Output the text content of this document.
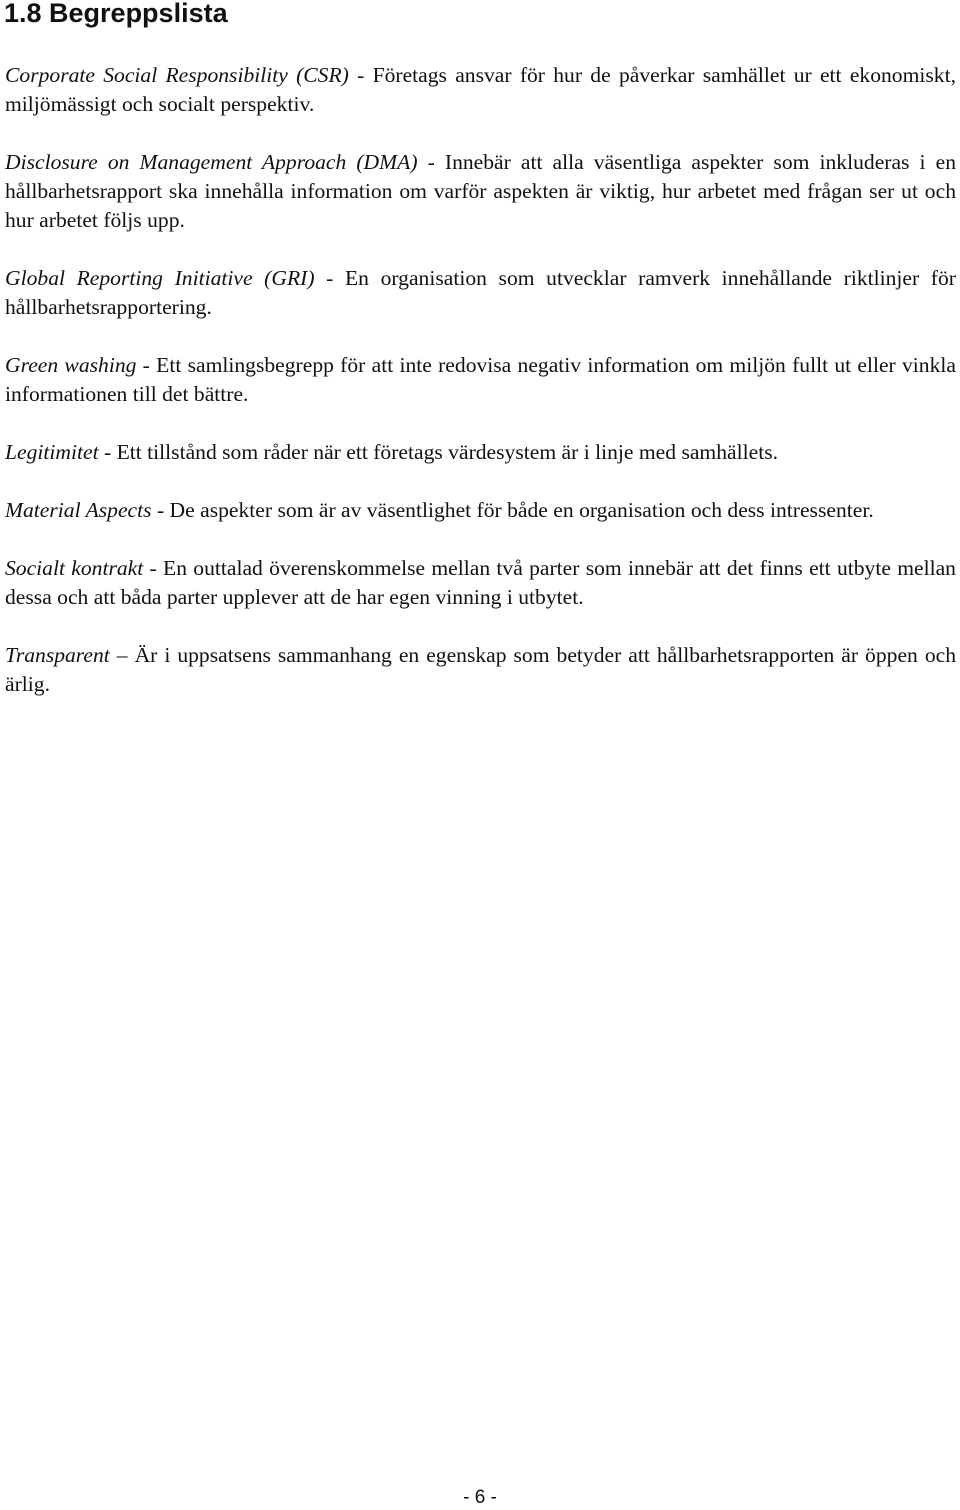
1.8 Begreppslista

Corporate Social Responsibility (CSR) - Företags ansvar för hur de påverkar samhället ur ett ekonomiskt, miljömässigt och socialt perspektiv.

Disclosure on Management Approach (DMA) - Innebär att alla väsentliga aspekter som inkluderas i en hållbarhetsrapport ska innehålla information om varför aspekten är viktig, hur arbetet med frågan ser ut och hur arbetet följs upp.

Global Reporting Initiative (GRI) - En organisation som utvecklar ramverk innehållande riktlinjer för hållbarhetsrapportering.

Green washing - Ett samlingsbegrepp för att inte redovisa negativ information om miljön fullt ut eller vinkla informationen till det bättre.

Legitimitet - Ett tillstånd som råder när ett företags värdesystem är i linje med samhällets.

Material Aspects - De aspekter som är av väsentlighet för både en organisation och dess intressenter.

Socialt kontrakt - En outtalad överenskommelse mellan två parter som innebär att det finns ett utbyte mellan dessa och att båda parter upplever att de har egen vinning i utbytet.

Transparent – Är i uppsatsens sammanhang en egenskap som betyder att hållbarhetsrapporten är öppen och ärlig.

- 6 -
